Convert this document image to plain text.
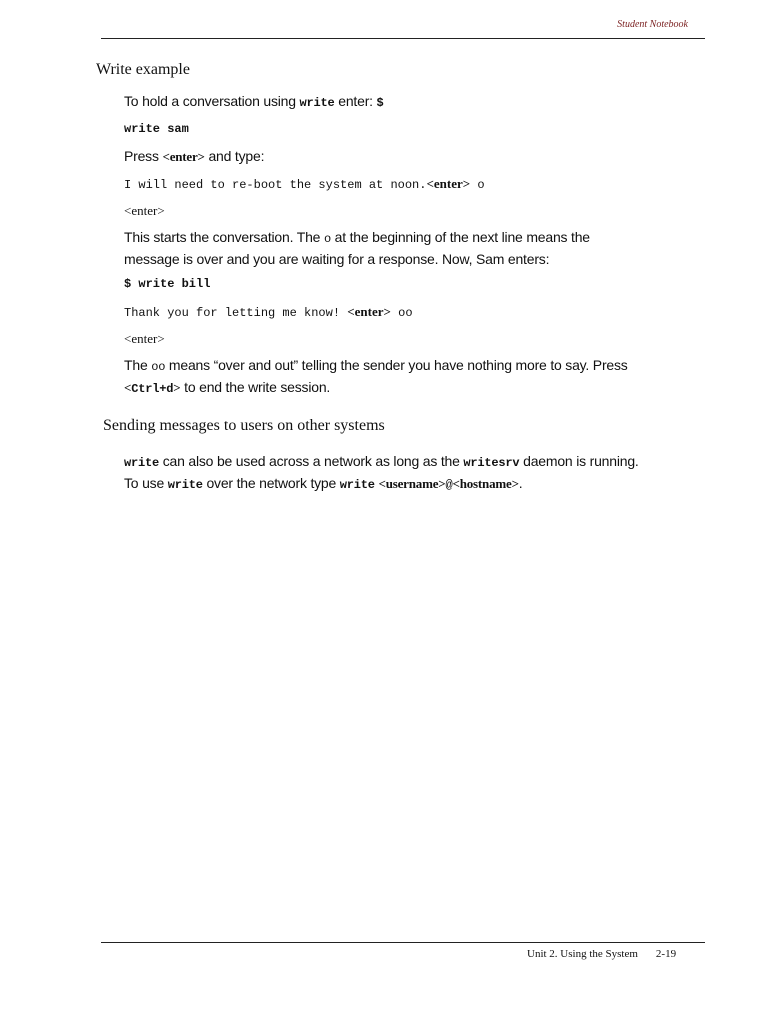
Student Notebook
Write example
To hold a conversation using write enter: $
write sam
Press <enter> and type:
I will need to re-boot the system at noon.<enter> o
<enter>
This starts the conversation. The o at the beginning of the next line means the
message is over and you are waiting for a response. Now, Sam enters:
$ write bill
Thank you for letting me know! <enter> oo
<enter>
The oo means “over and out” telling the sender you have nothing more to say. Press
<Ctrl+d> to end the write session.
Sending messages to users on other systems
write can also be used across a network as long as the writesrv daemon is running.
To use write over the network type write <username>@<hostname>.
Unit 2. Using the System 2-19
